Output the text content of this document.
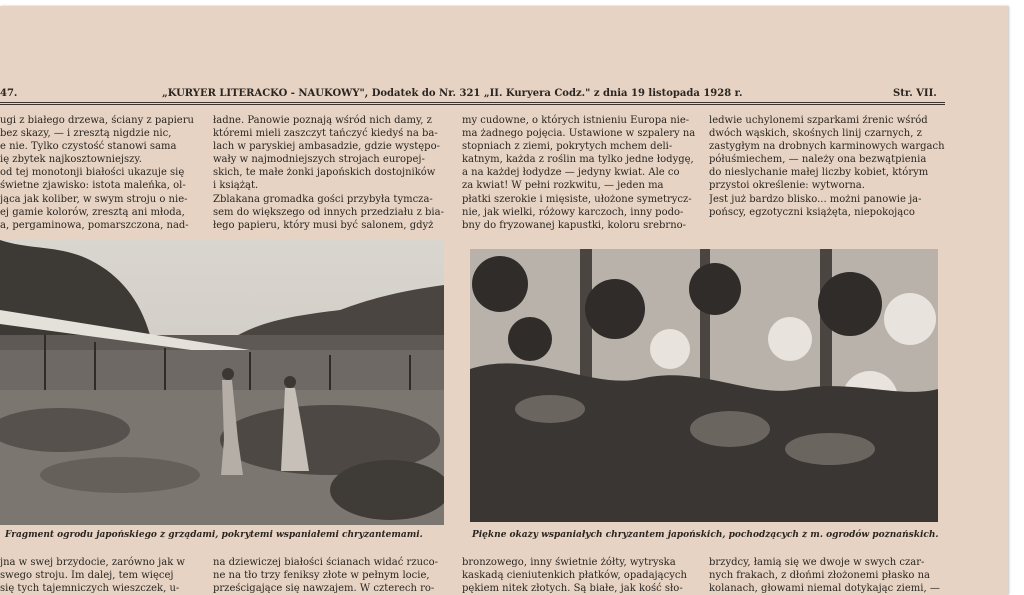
47.	„KURYER LITERACKO - NAUKOWY", Dodatek do Nr. 321 „II. Kuryera Codz." z dnia 19 listopada 1928 r.	Str. VII.
ugi z białego drzewa, ściany z papieru
bez skazy, — i zresztą nigdzie nic,
e nie. Tylko czystość stanowi sama
ię zbytek najkosztowniejszy.
od tej monotonji białości ukazuje się
świetne zjawisko: istota maleńka, ol-
jąca jak koliber, w swym stroju o nie-
ej gamie kolorów, zresztą ani młoda,
a, pergaminowa, pomarszczona, nad-
ładne. Panowie poznają wśród nich damy, z
któremi mieli zaszczyt tańczyć kiedyś na ba-
lach w paryskiej ambasadzie, gdzie występo-
wały w najmodniejszych strojach europej-
skich, te małe żonki japońskich dostojników
i książąt.
Zblakana gromadka gości przybyła tymcza-
sem do większego od innych przedziału z bia-
łego papieru, który musi być salonem, gdyż
my cudowne, o których istnieniu Europa nie-
ma żadnego pojęcia. Ustawione w szpalery na
stopniach z ziemi, pokrytych mchem deli-
katnym, każda z roślin ma tylko jedne łodygę,
a na każdej łodydze — jedyny kwiat. Ale co
za kwiat! W pełni rozkwitu, — jeden ma
płatki szerokie i mięsiste, ułożone symetrycz-
nie, jak wielki, różowy karczoch, inny podo-
bny do fryzowanej kapustki, koloru srebrno-
ledwie uchylonemi szparkami źrenic wśród
dwóch wąskich, skośnych linij czarnych, z
zastygłym na drobnych karminowych wargach
półuśmiechem, — należy ona bezwątpienia
do nieslychanie małej liczby kobiet, którym
przystoi określenie: wytworna.
Jest już bardzo blisko... możni panowie ja-
pońscy, egzotyczni książęta, niepokojąco
Fragment ogrodu japońskiego z grządami, pokrytemi wspaniałemi chryzantemami.	Piękne okazy wspaniałych chryzantem japońskich, pochodzących z m. ogrodów poznańskich.
jna w swej brzydocie, zarówno jak w
swego stroju. Im dalej, tem więcej
się tych tajemniczych wieszczek, u-
na dziewiczej białości ścianach widać rzuco-
ne na tło trzy feniksy złote w pełnym locie,
prześcigające się nawzajem. W czterech ro-
bronzowego, inny świetnie żółty, wytryska
kaskadą cieniutenkich płatków, opadających
pękiem nitek złotych. Są białe, jak kość sło-
brzydcy, łamią się we dwoje w swych czar-
nych frakach, z dłońmi złożonemi płasko na
kolanach, głowami niemal dotykając ziemi, —
